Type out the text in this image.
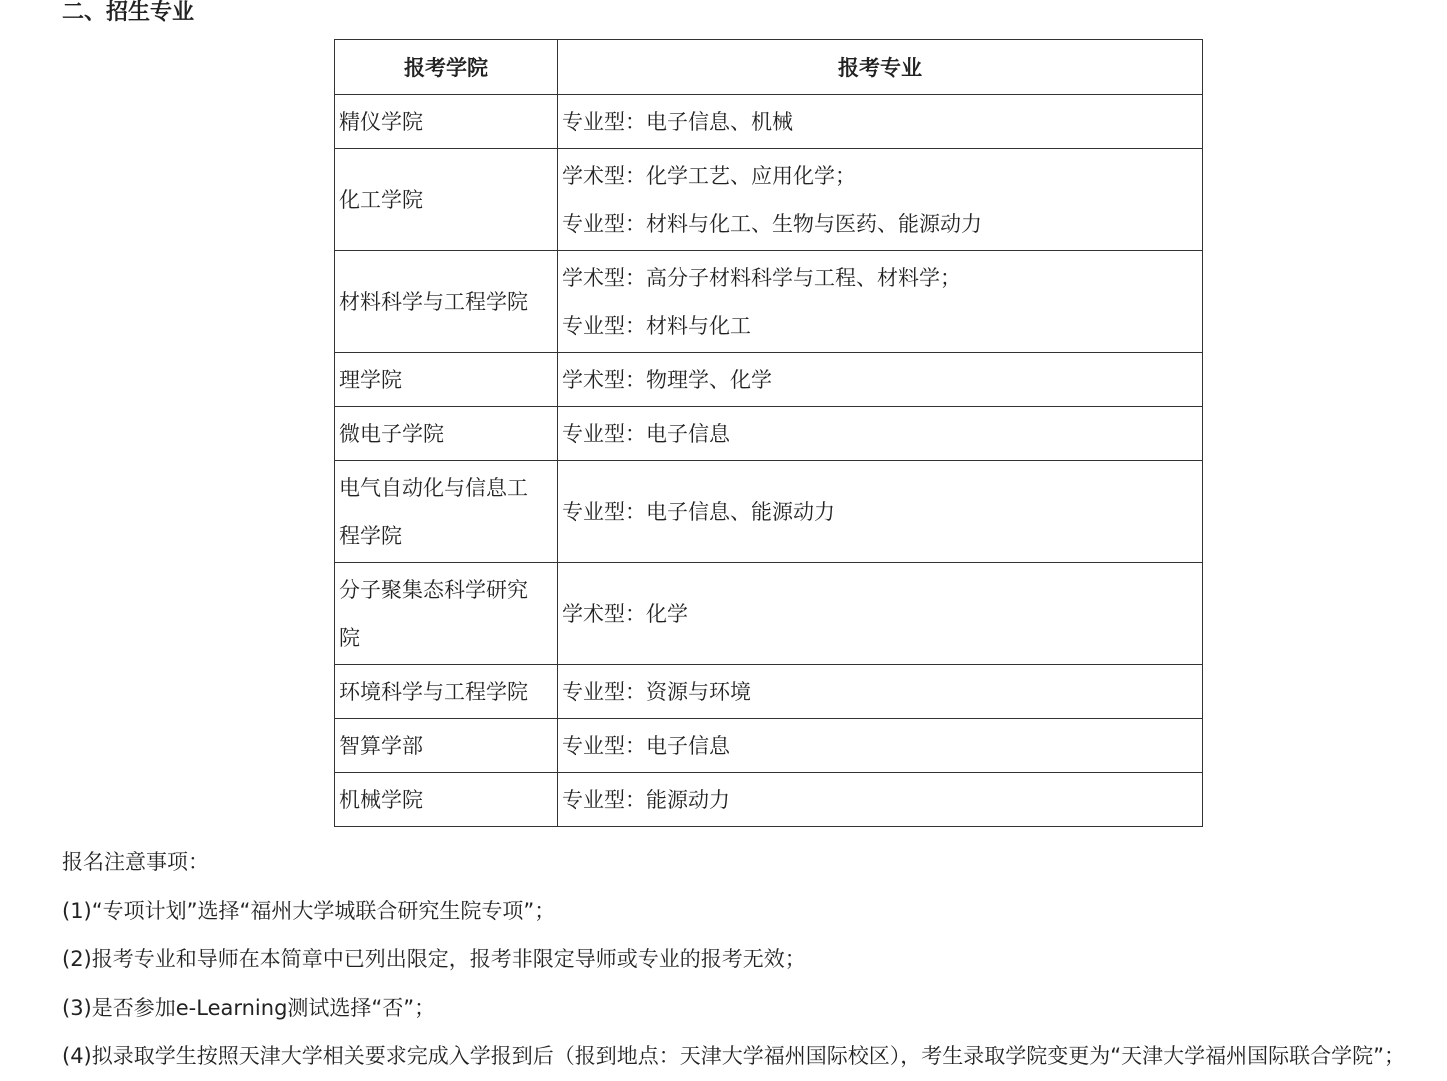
二、招生专业
报考学院	报考专业

精仪学院	专业型：电子信息、机械

化工学院	学术型：化学工艺、应用化学；
专业型：材料与化工、生物与医药、能源动力

材料科学与工程学院	学术型：高分子材料科学与工程、材料学；
专业型：材料与化工

理学院	学术型：物理学、化学

微电子学院	专业型：电子信息

电气自动化与信息工
程学院	专业型：电子信息、能源动力

分子聚集态科学研究
院	学术型：化学

环境科学与工程学院	专业型：资源与环境

智算学部	专业型：电子信息

机械学院	专业型：能源动力
报名注意事项：
(1)“专项计划”选择“福州大学城联合研究生院专项”；
(2)报考专业和导师在本简章中已列出限定，报考非限定导师或专业的报考无效；
(3)是否参加e-Learning测试选择“否”；
(4)拟录取学生按照天津大学相关要求完成入学报到后（报到地点：天津大学福州国际校区），考生录取学院变更为“天津大学福州国际联合学院”；
